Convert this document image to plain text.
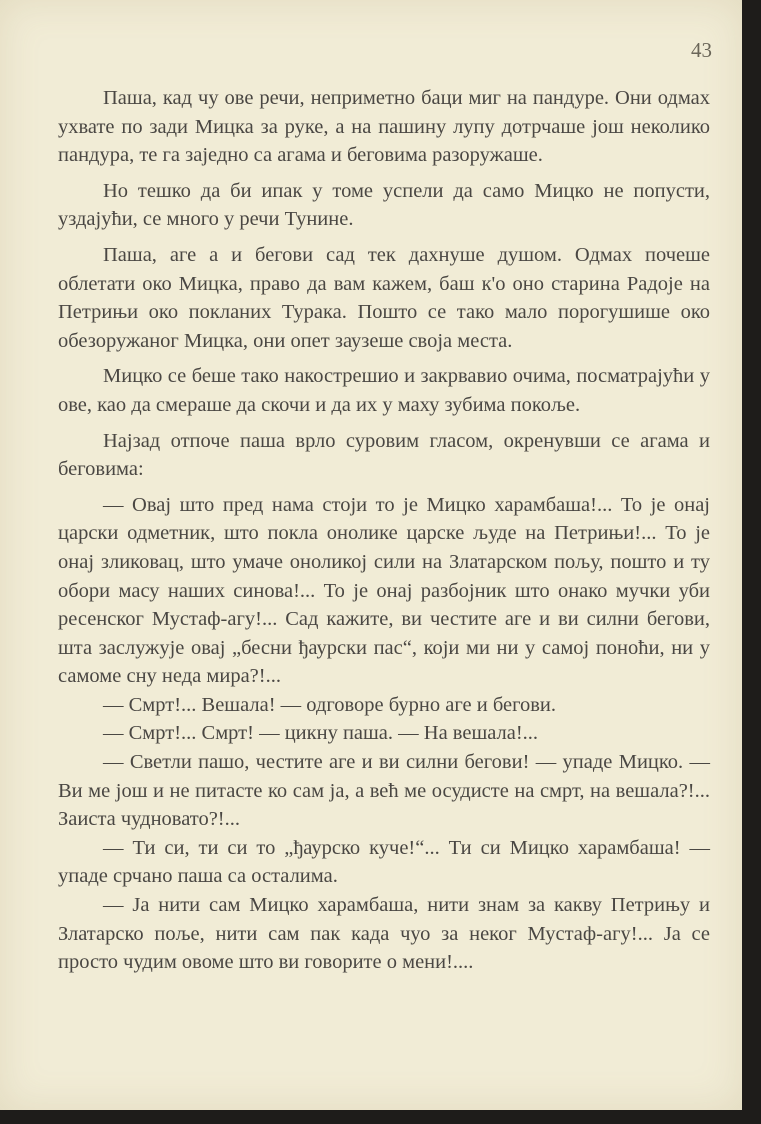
43

Паша, кад чу ове речи, неприметно баци миг на пандуре. Они одмах ухвате по зади Мицка за руке, а на пашину лупу дотрчаше још неколико пандура, те га заједно са агама и беговима разоружаше.

Но тешко да би ипак у томе успели да само Мицко не попусти, уздајући, се много у речи Тунине.

Паша, аге а и бегови сад тек дахнуше душом. Одмах почеше облетати око Мицка, право да вам кажем, баш к'о оно старина Радоје на Петрињи око покланих Турака. Пошто се тако мало порогушише око обезоружаног Мицка, они опет заузеше своја места.

Мицко се беше тако накострешио и закрвавио очима, посматрајући у ове, као да смераше да скочи и да их у маху зубима покоље.

Најзад отпоче паша врло суровим гласом, окренувши се агама и беговима:

— Овај што пред нама стоји то је Мицко харамбаша!... То је онај царски одметник, што покла онолике царске људе на Петрињи!... То је онај зликовац, што умаче оноликој сили на Златарском пољу, пошто и ту обори масу наших синова!... То је онај разбојник што онако мучки уби ресенског Мустаф-агу!... Сад кажите, ви честите аге и ви силни бегови, шта заслужује овај „бесни ђаурски пас“, који ми ни у самој поноћи, ни у самоме сну неда мира?!...

— Смрт!... Вешала! — одговоре бурно аге и бегови.

— Смрт!... Смрт! — цикну паша. — На вешала!...

— Светли пашо, честите аге и ви силни бегови! — упаде Мицко. — Ви ме још и не питасте ко сам ја, а већ ме осудисте на смрт, на вешала?!... Заиста чудновато?!...

— Ти си, ти си то „ђаурско куче!“... Ти си Мицко харамбаша! — упаде срчано паша са осталима.

— Ја нити сам Мицко харамбаша, нити знам за какву Петрињу и Златарско поље, нити сам пак када чуо за неког Мустаф-агу!... Ја се просто чудим овоме што ви говорите о мени!....
